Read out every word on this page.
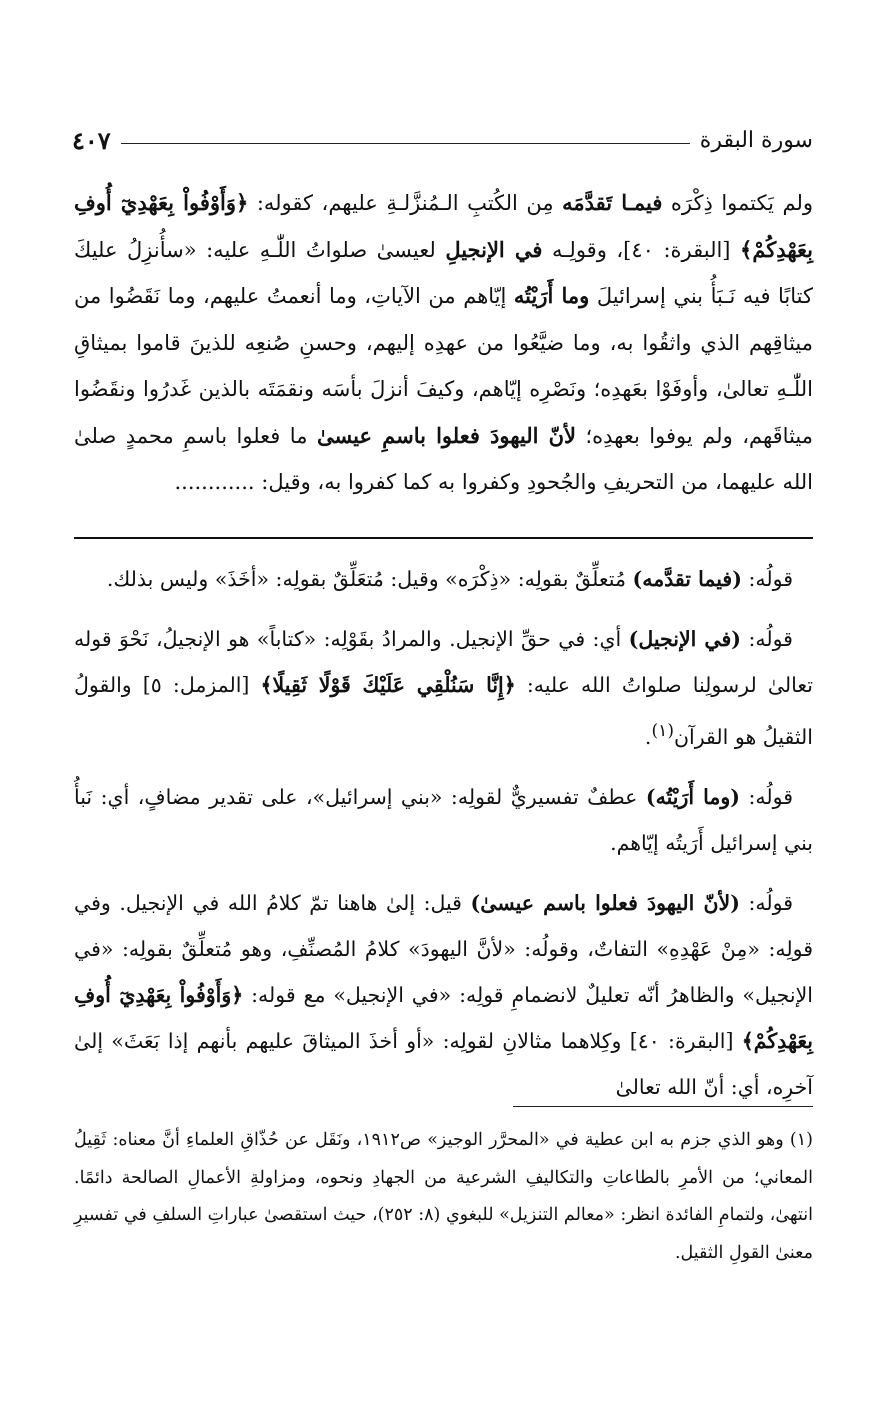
سورة البقرة
٤٠٧

ولم يَكتموا ذِكْرَه فيمـا تَقدَّمَه مِن الكُتبِ الـمُنزَّلـةِ عليهم، كقوله: ﴿وَأَوْفُواْ بِعَهْدِيٓ أُوفِ بِعَهْدِكُمْ﴾ [البقرة: ٤٠]، وقولِـه في الإنجيلِ لعيسىٰ صلواتُ اللّٰـهِ عليه: «سأُنزِلُ عليكَ كتابًا فيه نَـبَأُ بني إسرائيلَ وما أَرَيْتُه إيّاهم من الآياتِ، وما أنعمتُ عليهم، وما نَقَضُوا من ميثاقِهم الذي واثقُوا به، وما ضيَّعُوا من عهدِه إليهم، وحسنِ صُنعِه للذينَ قاموا بميثاقِ اللّٰـهِ تعالىٰ، وأوفَوْا بعَهدِه؛ ونَصْرِه إيّاهم، وكيفَ أنزلَ بأسَه ونقمَتَه بالذين غَدرُوا ونقَضُوا ميثاقَهم، ولم يوفوا بعهدِه؛ لأنّ اليهودَ فعلوا باسمِ عيسىٰ ما فعلوا باسمِ محمدٍ صلىٰ الله عليهما، من التحريفِ والجُحودِ وكفروا به كما كفروا به، وقيل: ............

قولُه: (فيما تقدَّمه) مُتعلِّقٌ بقولِه: «ذِكْرَه» وقيل: مُتعَلِّقٌ بقولِه: «أخَذَ» وليس بذلك.

قولُه: (في الإنجيل) أي: في حقِّ الإنجيل. والمرادُ بقَوْلِه: «كتاباً» هو الإنجيلُ، نَحْوَ قوله تعالىٰ لرسولِنا صلواتُ الله عليه: ﴿إِنَّا سَنُلْقِي عَلَيْكَ قَوْلًا ثَقِيلًا﴾ [المزمل: ٥] والقولُ الثقيلُ هو القرآن$^{(١)}$.

قولُه: (وما أَرَيْتُه) عطفٌ تفسيريٌّ لقولِه: «بني إسرائيل»، على تقدير مضافٍ، أي: نَبأُ بني إسرائيل أَرَيتُه إيّاهم.

قولُه: (لأنّ اليهودَ فعلوا باسم عيسىٰ) قيل: إلىٰ هاهنا تمّ كلامُ الله في الإنجيل. وفي قولِه: «مِنْ عَهْدِهِ» التفاتٌ، وقولُه: «لأنَّ اليهودَ» كلامُ المُصنِّفِ، وهو مُتعلِّقٌ بقولِه: «في الإنجيل» والظاهرُ أنّه تعليلٌ لانضمامِ قولِه: «في الإنجيل» مع قوله: ﴿وَأَوْفُواْ بِعَهْدِيٓ أُوفِ بِعَهْدِكُمْ﴾ [البقرة: ٤٠] وكِلاهما مثالانِ لقولِه: «أو أخذَ الميثاقَ عليهم بأنهم إذا بَعَثَ» إلىٰ آخرِه، أي: أنّ الله تعالىٰ

(١) وهو الذي جزم به ابن عطية في «المحرَّر الوجيز» ص١٩١٢، ونَقَل عن حُذّاقِ العلماءِ أنَّ معناه: ثَقِيلُ المعاني؛ من الأمرِ بالطاعاتِ والتكاليفِ الشرعية من الجهادِ ونحوه، ومزاولةِ الأعمالِ الصالحة دائمًا. انتهىٰ، ولتمامِ الفائدة انظر: «معالم التنزيل» للبغوي (٨: ٢٥٢)، حيث استقصىٰ عباراتِ السلفِ في تفسيرِ معنىٰ القولِ الثقيل.
